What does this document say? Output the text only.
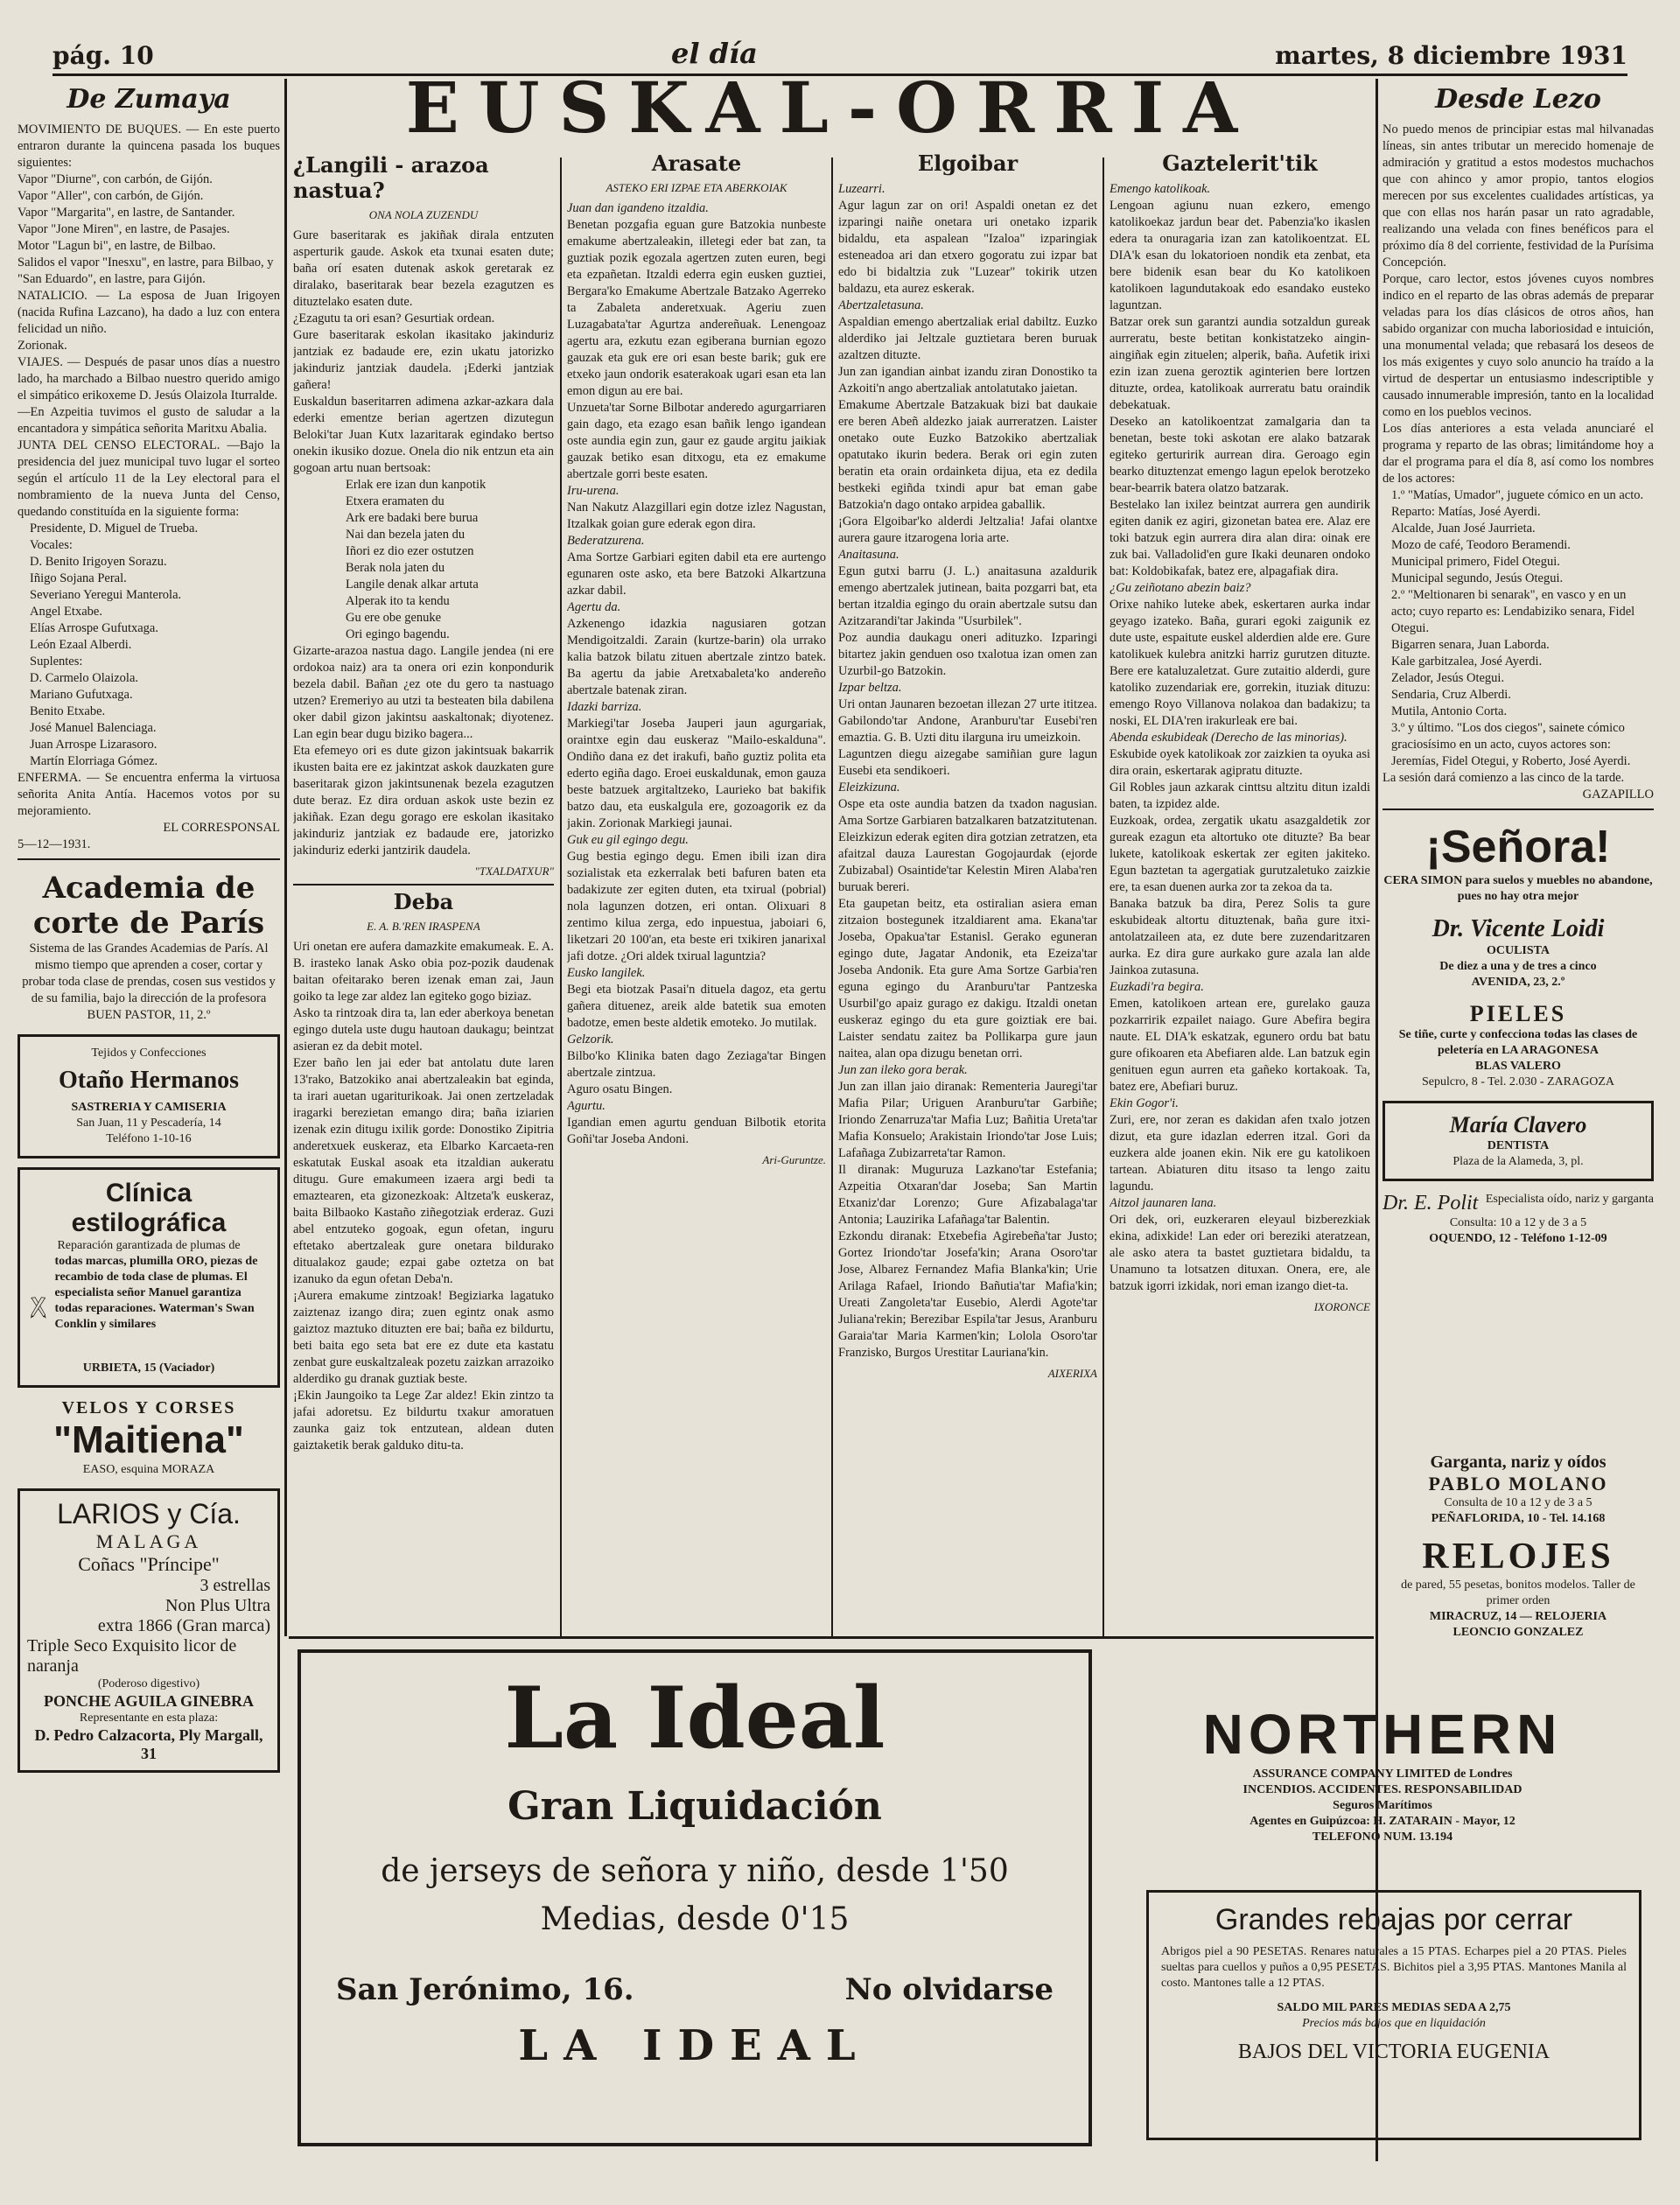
pág. 10	el día	martes, 8 diciembre 1931
De Zumaya

MOVIMIENTO DE BUQUES. — En este puerto entraron durante la quincena pasada los buques siguientes:

Vapor "Diurne", con carbón, de Gijón.

Vapor "Aller", con carbón, de Gijón.

Vapor "Margarita", en lastre, de Santander.

Vapor "Jone Miren", en lastre, de Pasajes.

Motor "Lagun bi", en lastre, de Bilbao.

Salidos el vapor "Inesxu", en lastre, para Bilbao, y "San Eduardo", en lastre, para Gijón.

NATALICIO. — La esposa de Juan Irigoyen (nacida Rufina Lazcano), ha dado a luz con entera felicidad un niño.

Zorionak.

VIAJES. — Después de pasar unos días a nuestro lado, ha marchado a Bilbao nuestro querido amigo el simpático erikoxeme D. Jesús Olaizola Iturralde.

—En Azpeitia tuvimos el gusto de saludar a la encantadora y simpática señorita Maritxu Abalia.

JUNTA DEL CENSO ELECTORAL. —Bajo la presidencia del juez municipal tuvo lugar el sorteo según el artículo 11 de la Ley electoral para el nombramiento de la nueva Junta del Censo, quedando constituída en la siguiente forma:

Presidente, D. Miguel de Trueba.

Vocales:

D. Benito Irigoyen Sorazu.

Iñigo Sojana Peral.

Severiano Yeregui Manterola.

Angel Etxabe.

Elías Arrospe Gufutxaga.

León Ezaal Alberdi.

Suplentes:

D. Carmelo Olaizola.

Mariano Gufutxaga.

Benito Etxabe.

José Manuel Balenciaga.

Juan Arrospe Lizarasoro.

Martín Elorriaga Gómez.

ENFERMA. — Se encuentra enferma la virtuosa señorita Anita Antía. Hacemos votos por su mejoramiento.

EL CORRESPONSAL

5—12—1931.

Academia de corte de París

Sistema de las Grandes Academias de París. Al mismo tiempo que aprenden a coser, cortar y probar toda clase de prendas, cosen sus vestidos y de su familia, bajo la dirección de la profesora

BUEN PASTOR, 11, 2.º

Tejidos y Confecciones
Otaño Hermanos
SASTRERIA Y CAMISERIA
San Juan, 11 y Pescadería, 14
Teléfono 1-10-16
Clínica estilográfica
Reparación garantizada de plumas de
todas marcas, plumilla ORO, piezas de recambio de toda clase de plumas. El especialista señor Manuel garantiza todas reparaciones. Waterman's Swan Conklin y similares
URBIETA, 15 (Vaciador)
VELOS Y CORSES
"Maitiena"
EASO, esquina MORAZA
LARIOS y Cía.
MALAGA
Coñacs "Príncipe"
3 estrellas
Non Plus Ultra
extra 1866 (Gran marca)
Triple Seco Exquisito licor de naranja
(Poderoso digestivo)
PONCHE AGUILA GINEBRA
Representante en esta plaza:
D. Pedro Calzacorta, Ply Margall, 31
EUSKAL-ORRIA
¿Langili - arazoa nastua?

ONA NOLA ZUZENDU

Gure baseritarak es jakiñak dirala entzuten asperturik gaude. Askok eta txunai esaten dute; baña orí esaten dutenak askok geretarak ez diralako, baseritarak bear bezela ezagutzen es dituztelako esaten dute.

¿Ezagutu ta ori esan? Gesurtiak ordean.

Gure baseritarak eskolan ikasitako jakinduriz jantziak ez badaude ere, ezin ukatu jatorizko jakinduriz jantziak daudela. ¡Ederki jantziak gañera!

Euskaldun baseritarren adimena azkar-azkara dala ederki ementze berian agertzen dizutegun Beloki'tar Juan Kutx lazaritarak egindako bertso onekin ikusiko dozue. Onela dio nik entzun eta ain gogoan artu nuan bertsoak:

Erlak ere izan dun kanpotik

Etxera eramaten du

Ark ere badaki bere burua

Nai dan bezela jaten du

Iñori ez dio ezer ostutzen

Berak nola jaten du

Langile denak alkar artuta

Alperak ito ta kendu

Gu ere obe genuke

Ori egingo bagendu.

Gizarte-arazoa nastua dago. Langile jendea (ni ere ordokoa naiz) ara ta onera ori ezin konpondurik bezela dabil. Bañan ¿ez ote du gero ta nastuago utzen? Eremeriyo au utzi ta besteaten bila dabilena oker dabil gizon jakintsu aaskaltonak; diyotenez. Lan egin bear dugu biziko bagera...

Eta efemeyo ori es dute gizon jakintsuak bakarrik ikusten baita ere ez jakintzat askok dauzkaten gure baseritarak gizon jakintsunenak bezela ezagutzen dute beraz. Ez dira orduan askok uste bezin ez jakiñak. Ezan degu gorago ere eskolan ikasitako jakinduriz jantziak ez badaude ere, jatorizko jakinduriz ederki jantzirik daudela.

"TXALDATXUR"

Deba

E. A. B.'REN IRASPENA

Uri onetan ere aufera damazkite emakumeak. E. A. B. irasteko lanak Asko obia poz-pozik daudenak baitan ofeitarako beren izenak eman zai, Jaun goiko ta lege zar aldez lan egiteko gogo biziaz.

Asko ta rintzoak dira ta, lan eder aberkoya benetan egingo dutela uste dugu hautoan daukagu; beintzat asieran ez da debit motel.

Ezer baño len jai eder bat antolatu dute laren 13'rako, Batzokiko anai abertzaleakin bat eginda, ta irari auetan ugariturikoak. Jai onen zertzeladak iragarki berezietan emango dira; baña iziarien izenak ezin ditugu ixilik gorde: Donostiko Zipitria anderetxuek euskeraz, eta Elbarko Karcaeta-ren eskatutak Euskal asoak eta itzaldian aukeratu ditugu. Gure emakumeen izaera argi bedi ta emaztearen, eta gizonezkoak: Altzeta'k euskeraz, baita Bilbaoko Kastaño ziñegotziak erderaz. Guzi abel entzuteko gogoak, egun ofetan, inguru eftetako abertzaleak gure onetara bildurako ditualakoz gaude; ezpai gabe oztetza on bat izanuko da egun ofetan Deba'n.

¡Aurera emakume zintzoak! Begiziarka lagatuko zaiztenaz izango dira; zuen egintz onak asmo gaiztoz maztuko dituzten ere bai; baña ez bildurtu, beti baita ego seta bat ere ez dute eta kastatu zenbat gure euskaltzaleak pozetu zaizkan arrazoiko alderdiko gu dranak guztiak beste.

¡Ekin Jaungoiko ta Lege Zar aldez! Ekin zintzo ta jafai adoretsu. Ez bildurtu txakur amoratuen zaunka gaiz tok entzutean, aldean duten gaiztaketik berak galduko ditu-ta.

Arasate

ASTEKO ERI IZPAE ETA ABERKOIAK

Juan dan igandeno itzaldia.

Benetan pozgafia eguan gure Batzokia nunbeste emakume abertzaleakin, illetegi eder bat zan, ta guztiak pozik egozala agertzen zuten euren, begi eta ezpañetan. Itzaldi ederra egin eusken guztiei, Bergara'ko Emakume Abertzale Batzako Agerreko ta Zabaleta anderetxuak. Ageriu zuen Luzagabata'tar Agurtza andereñuak. Lenengoaz agertu ara, ezkutu ezan egiberana burnian egozo gauzak eta guk ere ori esan beste barik; guk ere etxeko jaun ondorik esaterakoak ugari esan eta lan emon digun au ere bai.

Unzueta'tar Sorne Bilbotar anderedo agurgarriaren gain dago, eta ezago esan bañik lengo igandean oste aundia egin zun, gaur ez gaude argitu jaikiak gauzak betiko esan ditxogu, eta ez emakume abertzale gorri beste esaten.

Iru-urena.

Nan Nakutz Alazgillari egin dotze izlez Nagustan, Itzalkak goian gure ederak egon dira.

Bederatzurena.

Ama Sortze Garbiari egiten dabil eta ere aurtengo egunaren oste asko, eta bere Batzoki Alkartzuna azkar dabil.

Agertu da.

Azkenengo idazkia nagusiaren gotzan Mendigoitzaldi. Zarain (kurtze-barin) ola urrako kalia batzok bilatu zituen abertzale zintzo batek. Ba agertu da jabie Aretxabaleta'ko andereño abertzale batenak ziran.

Idazki barriza.

Markiegi'tar Joseba Jauperi jaun agurgariak, oraintxe egin dau euskeraz "Mailo-eskalduna". Ondiño dana ez det irakufi, baño guztiz polita eta ederto egiña dago. Eroei euskaldunak, emon gauza beste batzuek argitaltzeko, Laurieko bat bakifik batzo dau, eta euskalgula ere, gozoagorik ez da jakin. Zorionak Markiegi jaunai.

Guk eu gil egingo degu.

Gug bestia egingo degu. Emen ibili izan dira sozialistak eta ezkerralak beti bafuren baten eta badakizute zer egiten duten, eta txirual (pobrial) nola lagunzen dotzen, eri ontan. Olixuari 8 zentimo kilua zerga, edo inpuestua, jaboiari 6, liketzari 20 100'an, eta beste eri txikiren janarixal jafi dotze. ¿Ori aldek txirual laguntzia?

Eusko langilek.

Begi eta biotzak Pasai'n dituela dagoz, eta gertu gañera dituenez, areik alde batetik sua emoten badotze, emen beste aldetik emoteko. Jo mutilak.

Gelzorik.

Bilbo'ko Klinika baten dago Zeziaga'tar Bingen abertzale zintzua.

Aguro osatu Bingen.

Agurtu.

Igandian emen agurtu genduan Bilbotik etorita Goñi'tar Joseba Andoni.

Ari-Guruntze.

Elgoibar

Luzearri.

Agur lagun zar on ori! Aspaldi onetan ez det izparingi naiñe onetara uri onetako izparik bidaldu, eta aspalean "Izaloa" izparingiak esteneadoa ari dan etxero gogoratu zui izpar bat edo bi bidaltzia zuk "Luzear" tokirik utzen baldazu, eta aurez eskerak.

Abertzaletasuna.

Aspaldian emengo abertzaliak erial dabiltz. Euzko alderdiko jai Jeltzale guztietara beren buruak azaltzen dituzte.

Jun zan igandian ainbat izandu ziran Donostiko ta Azkoiti'n ango abertzaliak antolatutako jaietan.

Emakume Abertzale Batzakuak bizi bat daukaie ere beren Abeñ aldezko jaiak aurreratzen. Laister onetako oute Euzko Batzokiko abertzaliak opatutako ikurin bedera. Berak ori egin zuten beratin eta orain ordainketa dijua, eta ez dedila bestkeki egiñda txindi apur bat eman gabe Batzokia'n dago ontako arpidea gaballik.

¡Gora Elgoibar'ko alderdi Jeltzalia! Jafai olantxe aurera gaure itzarogena loria arte.

Anaitasuna.

Egun gutxi barru (J. L.) anaitasuna azaldurik emengo abertzalek jutinean, baita pozgarri bat, eta bertan itzaldia egingo du orain abertzale sutsu dan Azitzarandi'tar Jakinda "Usurbilek".

Poz aundia daukagu oneri adituzko. Izparingi bitartez jakin genduen oso txalotua izan omen zan Uzurbil-go Batzokin.

Izpar beltza.

Uri ontan Jaunaren bezoetan illezan 27 urte ititzea. Gabilondo'tar Andone, Aranburu'tar Eusebi'ren emaztia. G. B. Uzti ditu ilarguna iru umeizkoin.

Laguntzen diegu aizegabe samiñian gure lagun Eusebi eta sendikoeri.

Eleizkizuna.

Ospe eta oste aundia batzen da txadon nagusian. Ama Sortze Garbiaren batzalkaren batzatzitutenan. Eleizkizun ederak egiten dira gotzian zetratzen, eta afaitzal dauza Laurestan Gogojaurdak (ejorde Zubizabal) Osaintide'tar Kelestin Miren Alaba'ren buruak bereri.

Eta gaupetan beitz, eta ostiralian asiera eman zitzaion bostegunek itzaldiarent ama. Ekana'tar Joseba, Opakua'tar Estanisl. Gerako eguneran egingo dute, Jagatar Andonik, eta Ezeiza'tar Joseba Andonik. Eta gure Ama Sortze Garbia'ren eguna egingo du Aranburu'tar Pantzeska Usurbil'go apaiz gurago ez dakigu. Itzaldi onetan euskeraz egingo du eta gure goiztiak ere bai. Laister sendatu zaitez ba Pollikarpa gure jaun naitea, alan opa dizugu benetan orri.

Jun zan ileko gora berak.

Jun zan illan jaio diranak: Rementeria Jauregi'tar Mafia Pilar; Uriguen Aranburu'tar Garbiñe; Iriondo Zenarruza'tar Mafia Luz; Bañitia Ureta'tar Mafia Konsuelo; Arakistain Iriondo'tar Jose Luis; Lafañaga Zubizarreta'tar Ramon.

Il diranak: Muguruza Lazkano'tar Estefania; Azpeitia Otxaran'dar Joseba; San Martin Etxaniz'dar Lorenzo; Gure Afizabalaga'tar Antonia; Lauzirika Lafañaga'tar Balentin.

Ezkondu diranak: Etxebefia Agirebeña'tar Justo; Gortez Iriondo'tar Josefa'kin; Arana Osoro'tar Jose, Albarez Fernandez Mafia Blanka'kin; Urie Arilaga Rafael, Iriondo Bañutia'tar Mafia'kin; Ureati Zangoleta'tar Eusebio, Alerdi Agote'tar Juliana'rekin; Berezibar Espila'tar Jesus, Aranburu Garaia'tar Maria Karmen'kin; Lolola Osoro'tar Franzisko, Burgos Urestitar Lauriana'kin.

AIXERIXA

Gaztelerit'tik

Emengo katolikoak.

Lengoan agiunu nuan ezkero, emengo katolikoekaz jardun bear det. Pabenzia'ko ikaslen edera ta onuragaria izan zan katolikoentzat. EL DIA'k esan du lokatorioen nondik eta zenbat, eta bere bidenik esan bear du Ko katolikoen katolikoen lagundutakoak edo esandako eusteko laguntzan.

Batzar orek sun garantzi aundia sotzaldun gureak aurreratu, beste betitan konkistatzeko aingin-aingiñak egin zituelen; alperik, baña. Aufetik irixi ezin izan zuena geroztik aginterien bere lortzen dituzte, ordea, katolikoak aurreratu batu oraindik debekatuak.

Deseko an katolikoentzat zamalgaria dan ta benetan, beste toki askotan ere alako batzarak egiteko gerturirik aurrean dira. Geroago egin bearko dituztenzat emengo lagun epelok berotzeko bear-bearrik batera olatzo batzarak.

Bestelako lan ixilez beintzat aurrera gen aundirik egiten danik ez agiri, gizonetan batea ere. Alaz ere toki batzuk egin aurrera dira alan dira: oinak ere zuk bai. Valladolid'en gure Ikaki deunaren ondoko bat: Koldobikafak, batez ere, alpagafiak dira.

¿Gu zeiñotano abezin baiz?

Orixe nahiko luteke abek, eskertaren aurka indar geyago izateko. Baña, gurari egoki zaigunik ez dute uste, espaitute euskel alderdien alde ere. Gure katolikuek kulebra anitzki harriz gurutzen dituzte. Bere ere kataluzaletzat. Gure zutaitio alderdi, gure katoliko zuzendariak ere, gorrekin, ituziak dituzu: emengo Royo Villanova nolakoa dan badakizu; ta noski, EL DIA'ren irakurleak ere bai.

Abenda eskubideak (Derecho de las minorias).

Eskubide oyek katolikoak zor zaizkien ta oyuka asi dira orain, eskertarak agipratu dituzte.

Gil Robles jaun azkarak cinttsu altzitu ditun izaldi baten, ta izpidez alde.

Euzkoak, ordea, zergatik ukatu asazgaldetik zor gureak ezagun eta altortuko ote dituzte? Ba bear lukete, katolikoak eskertak zer egiten jakiteko. Egun baztetan ta agergatiak gurutzaletuko zaizkie ere, ta esan duenen aurka zor ta zekoa da ta.

Banaka batzuk ba dira, Perez Solis ta gure eskubideak altortu dituztenak, baña gure itxi-antolatzaileen ata, ez dute bere zuzendaritzaren aurka. Ez dira gure aurkako gure azala lan alde Jainkoa zutasuna.

Euzkadi'ra begira.

Emen, katolikoen artean ere, gurelako gauza pozkarririk ezpailet naiago. Gure Abefira begira naute. EL DIA'k eskatzak, egunero ordu bat batu gure ofikoaren eta Abefiaren alde. Lan batzuk egin genituen egun aurren eta gañeko kortakoak. Ta, batez ere, Abefiari buruz.

Ekin Gogor'i.

Zuri, ere, nor zeran es dakidan afen txalo jotzen dizut, eta gure idazlan ederren itzal. Gori da euzkera alde joanen ekin. Nik ere gu katolikoen tartean. Abiaturen ditu itsaso ta lengo zaitu lagundu.

Aitzol jaunaren lana.

Ori dek, ori, euzkeraren eleyaul bizberezkiak ekina, adixkide! Lan eder ori bereziki ateratzean, ale asko atera ta bastet guztietara bidaldu, ta Unamuno ta lotsatzen dituxan. Onera, ere, ale batzuk igorri izkidak, nori eman izango diet-ta.

IXORONCE

Desde Lezo

No puedo menos de principiar estas mal hilvanadas líneas, sin antes tributar un merecido homenaje de admiración y gratitud a estos modestos muchachos que con ahinco y amor propio, tantos elogios merecen por sus excelentes cualidades artísticas, ya que con ellas nos harán pasar un rato agradable, realizando una velada con fines benéficos para el próximo día 8 del corriente, festividad de la Purísima Concepción.

Porque, caro lector, estos jóvenes cuyos nombres indico en el reparto de las obras además de preparar veladas para los días clásicos de otros años, han sabido organizar con mucha laboriosidad e intuición, una monumental velada; que rebasará los deseos de los más exigentes y cuyo solo anuncio ha traído a la virtud de despertar un entusiasmo indescriptible y causado innumerable impresión, tanto en la localidad como en los pueblos vecinos.

Los días anteriores a esta velada anunciaré el programa y reparto de las obras; limitándome hoy a dar el programa para el día 8, así como los nombres de los actores:

1.º "Matías, Umador", juguete cómico en un acto. Reparto: Matías, José Ayerdi.

Alcalde, Juan José Jaurrieta.

Mozo de café, Teodoro Beramendi.

Municipal primero, Fidel Otegui.

Municipal segundo, Jesús Otegui.

2.º "Meltionaren bi senarak", en vasco y en un acto; cuyo reparto es: Lendabiziko senara, Fidel Otegui.

Bigarren senara, Juan Laborda.

Kale garbitzalea, José Ayerdi.

Zelador, Jesús Otegui.

Sendaria, Cruz Alberdi.

Mutila, Antonio Corta.

3.º y último. "Los dos ciegos", sainete cómico graciosísimo en un acto, cuyos actores son: Jeremías, Fidel Otegui, y Roberto, José Ayerdi.

La sesión dará comienzo a las cinco de la tarde.

GAZAPILLO

¡Señora!
CERA SIMON para suelos y muebles no abandone, pues no hay otra mejor
Dr. Vicente Loidi
OCULISTA
De diez a una y de tres a cinco
AVENIDA, 23, 2.º
PIELES
Se tiñe, curte y confecciona todas las clases de peletería en LA ARAGONESA
BLAS VALERO
Sepulcro, 8 - Tel. 2.030 - ZARAGOZA
María Clavero
DENTISTA
Plaza de la Alameda, 3, pl.
Dr. E. Polit Especialista oído, nariz y garganta
Consulta: 10 a 12 y de 3 a 5
OQUENDO, 12 - Teléfono 1-12-09
Garganta, nariz y oídos
PABLO MOLANO
Consulta de 10 a 12 y de 3 a 5
PEÑAFLORIDA, 10 - Tel. 14.168
RELOJES
de pared, 55 pesetas, bonitos modelos. Taller de primer orden
MIRACRUZ, 14 — RELOJERIA
LEONCIO GONZALEZ
La Ideal
Gran Liquidación
de jerseys de señora y niño, desde 1'50
Medias, desde 0'15
San Jerónimo, 16.	No olvidarse
LA IDEAL
NORTHERN
ASSURANCE COMPANY LIMITED de Londres
INCENDIOS. ACCIDENTES. RESPONSABILIDAD
Seguros Marítimos
Agentes en Guipúzcoa: H. ZATARAIN - Mayor, 12
TELEFONO NUM. 13.194
Grandes rebajas por cerrar
Abrigos piel a 90 PESETAS. Renares naturales a 15 PTAS. Echarpes piel a 20 PTAS. Pieles sueltas para cuellos y puños a 0,95 PESETAS. Bichitos piel a 3,95 PTAS. Mantones Manila al costo. Mantones talle a 12 PTAS.
SALDO MIL PARES MEDIAS SEDA A 2,75
Precios más bajos que en liquidación
BAJOS DEL VICTORIA EUGENIA
